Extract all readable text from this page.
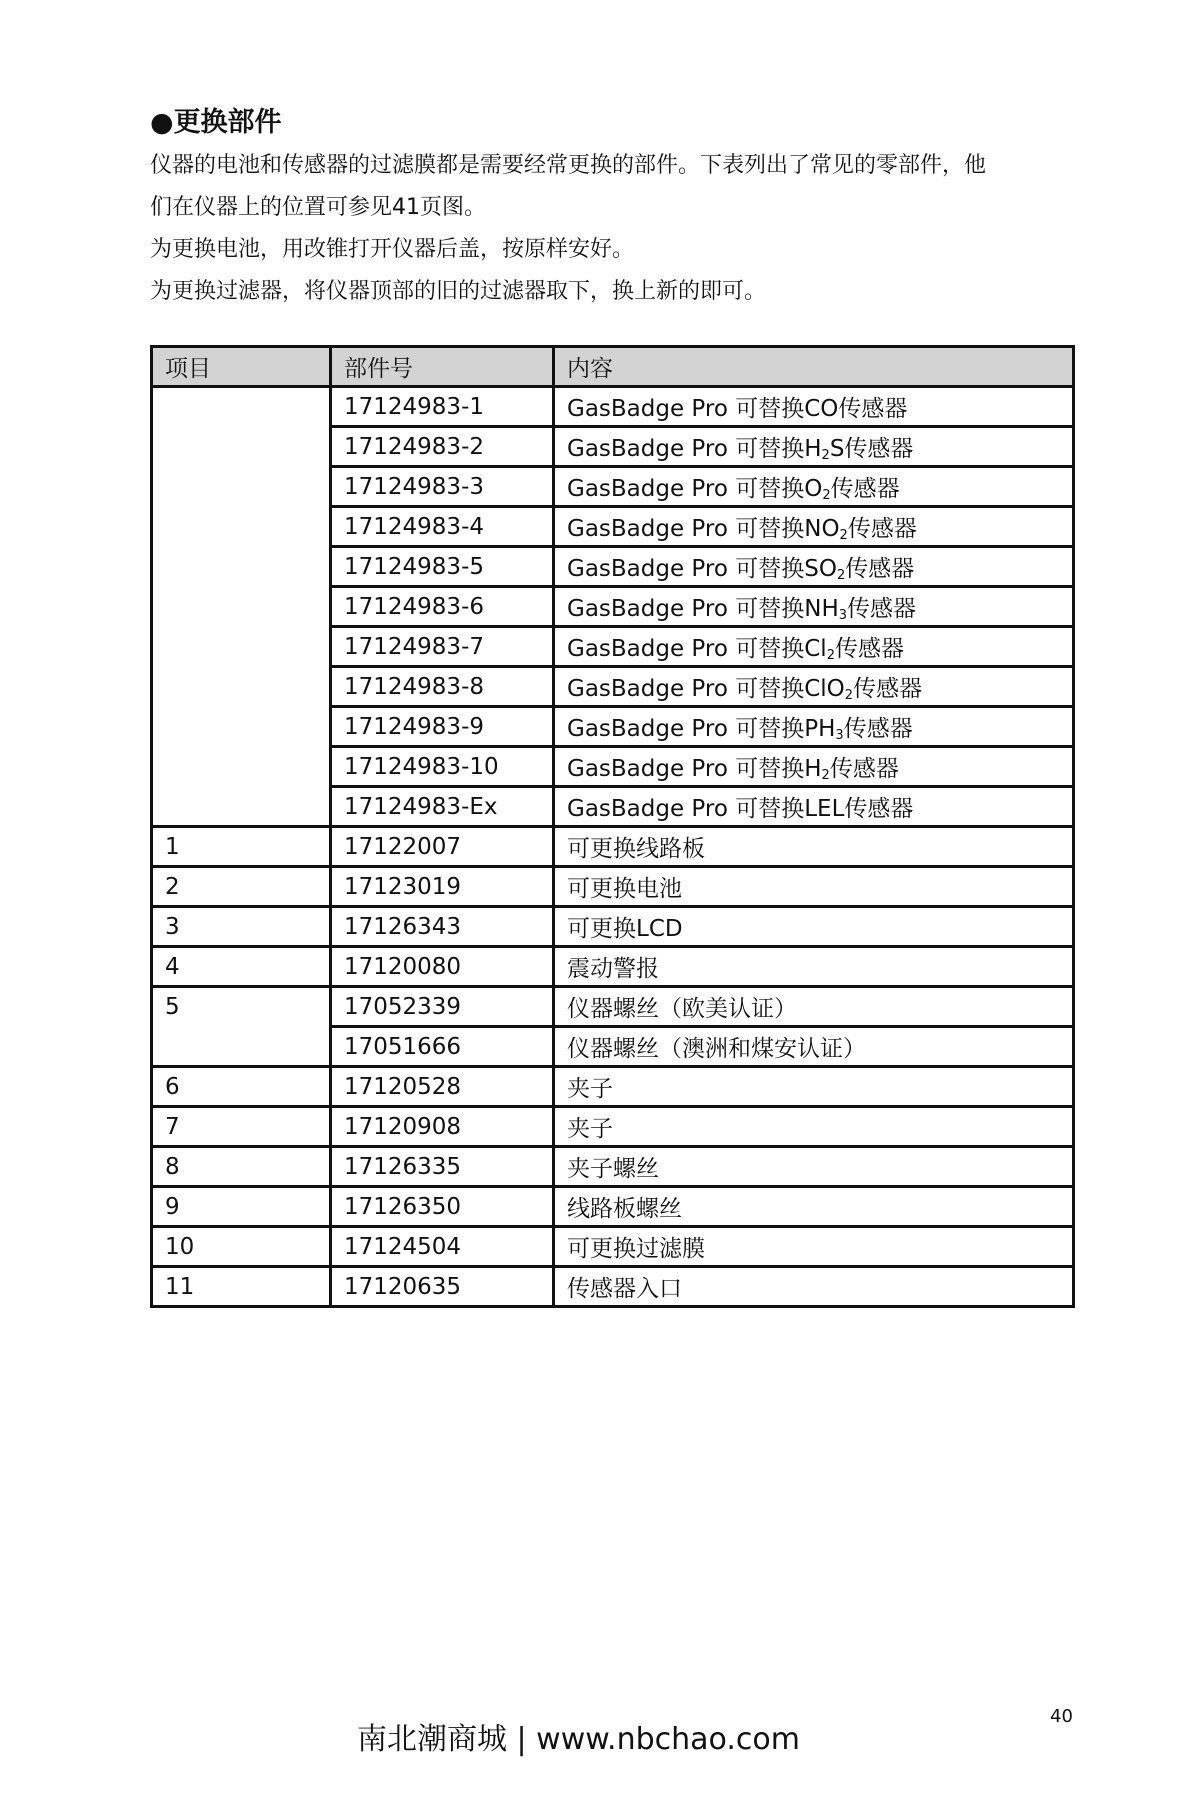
●更换部件
仪器的电池和传感器的过滤膜都是需要经常更换的部件。下表列出了常见的零部件，他
们在仪器上的位置可参见41页图。
为更换电池，用改锥打开仪器后盖，按原样安好。
为更换过滤器，将仪器顶部的旧的过滤器取下，换上新的即可。
项目	部件号	内容
	17124983-1	GasBadge Pro 可替换CO传感器
	17124983-2	GasBadge Pro 可替换$H_2S$传感器
	17124983-3	GasBadge Pro 可替换$O_2$传感器
	17124983-4	GasBadge Pro 可替换$NO_2$传感器
	17124983-5	GasBadge Pro 可替换$SO_2$传感器
	17124983-6	GasBadge Pro 可替换$NH_3$传感器
	17124983-7	GasBadge Pro 可替换$Cl_2$传感器
	17124983-8	GasBadge Pro 可替换ClO$_2$传感器
	17124983-9	GasBadge Pro 可替换$PH_3$传感器
	17124983-10	GasBadge Pro 可替换$H_2$传感器
	17124983-Ex	GasBadge Pro 可替换LEL传感器
1	17122007	可更换线路板
2	17123019	可更换电池
3	17126343	可更换LCD
4	17120080	震动警报
5	17052339	仪器螺丝（欧美认证）
	17051666	仪器螺丝（澳洲和煤安认证）
6	17120528	夹子
7	17120908	夹子
8	17126335	夹子螺丝
9	17126350	线路板螺丝
10	17124504	可更换过滤膜
11	17120635	传感器入口
南北潮商城 | www.nbchao.com
40
